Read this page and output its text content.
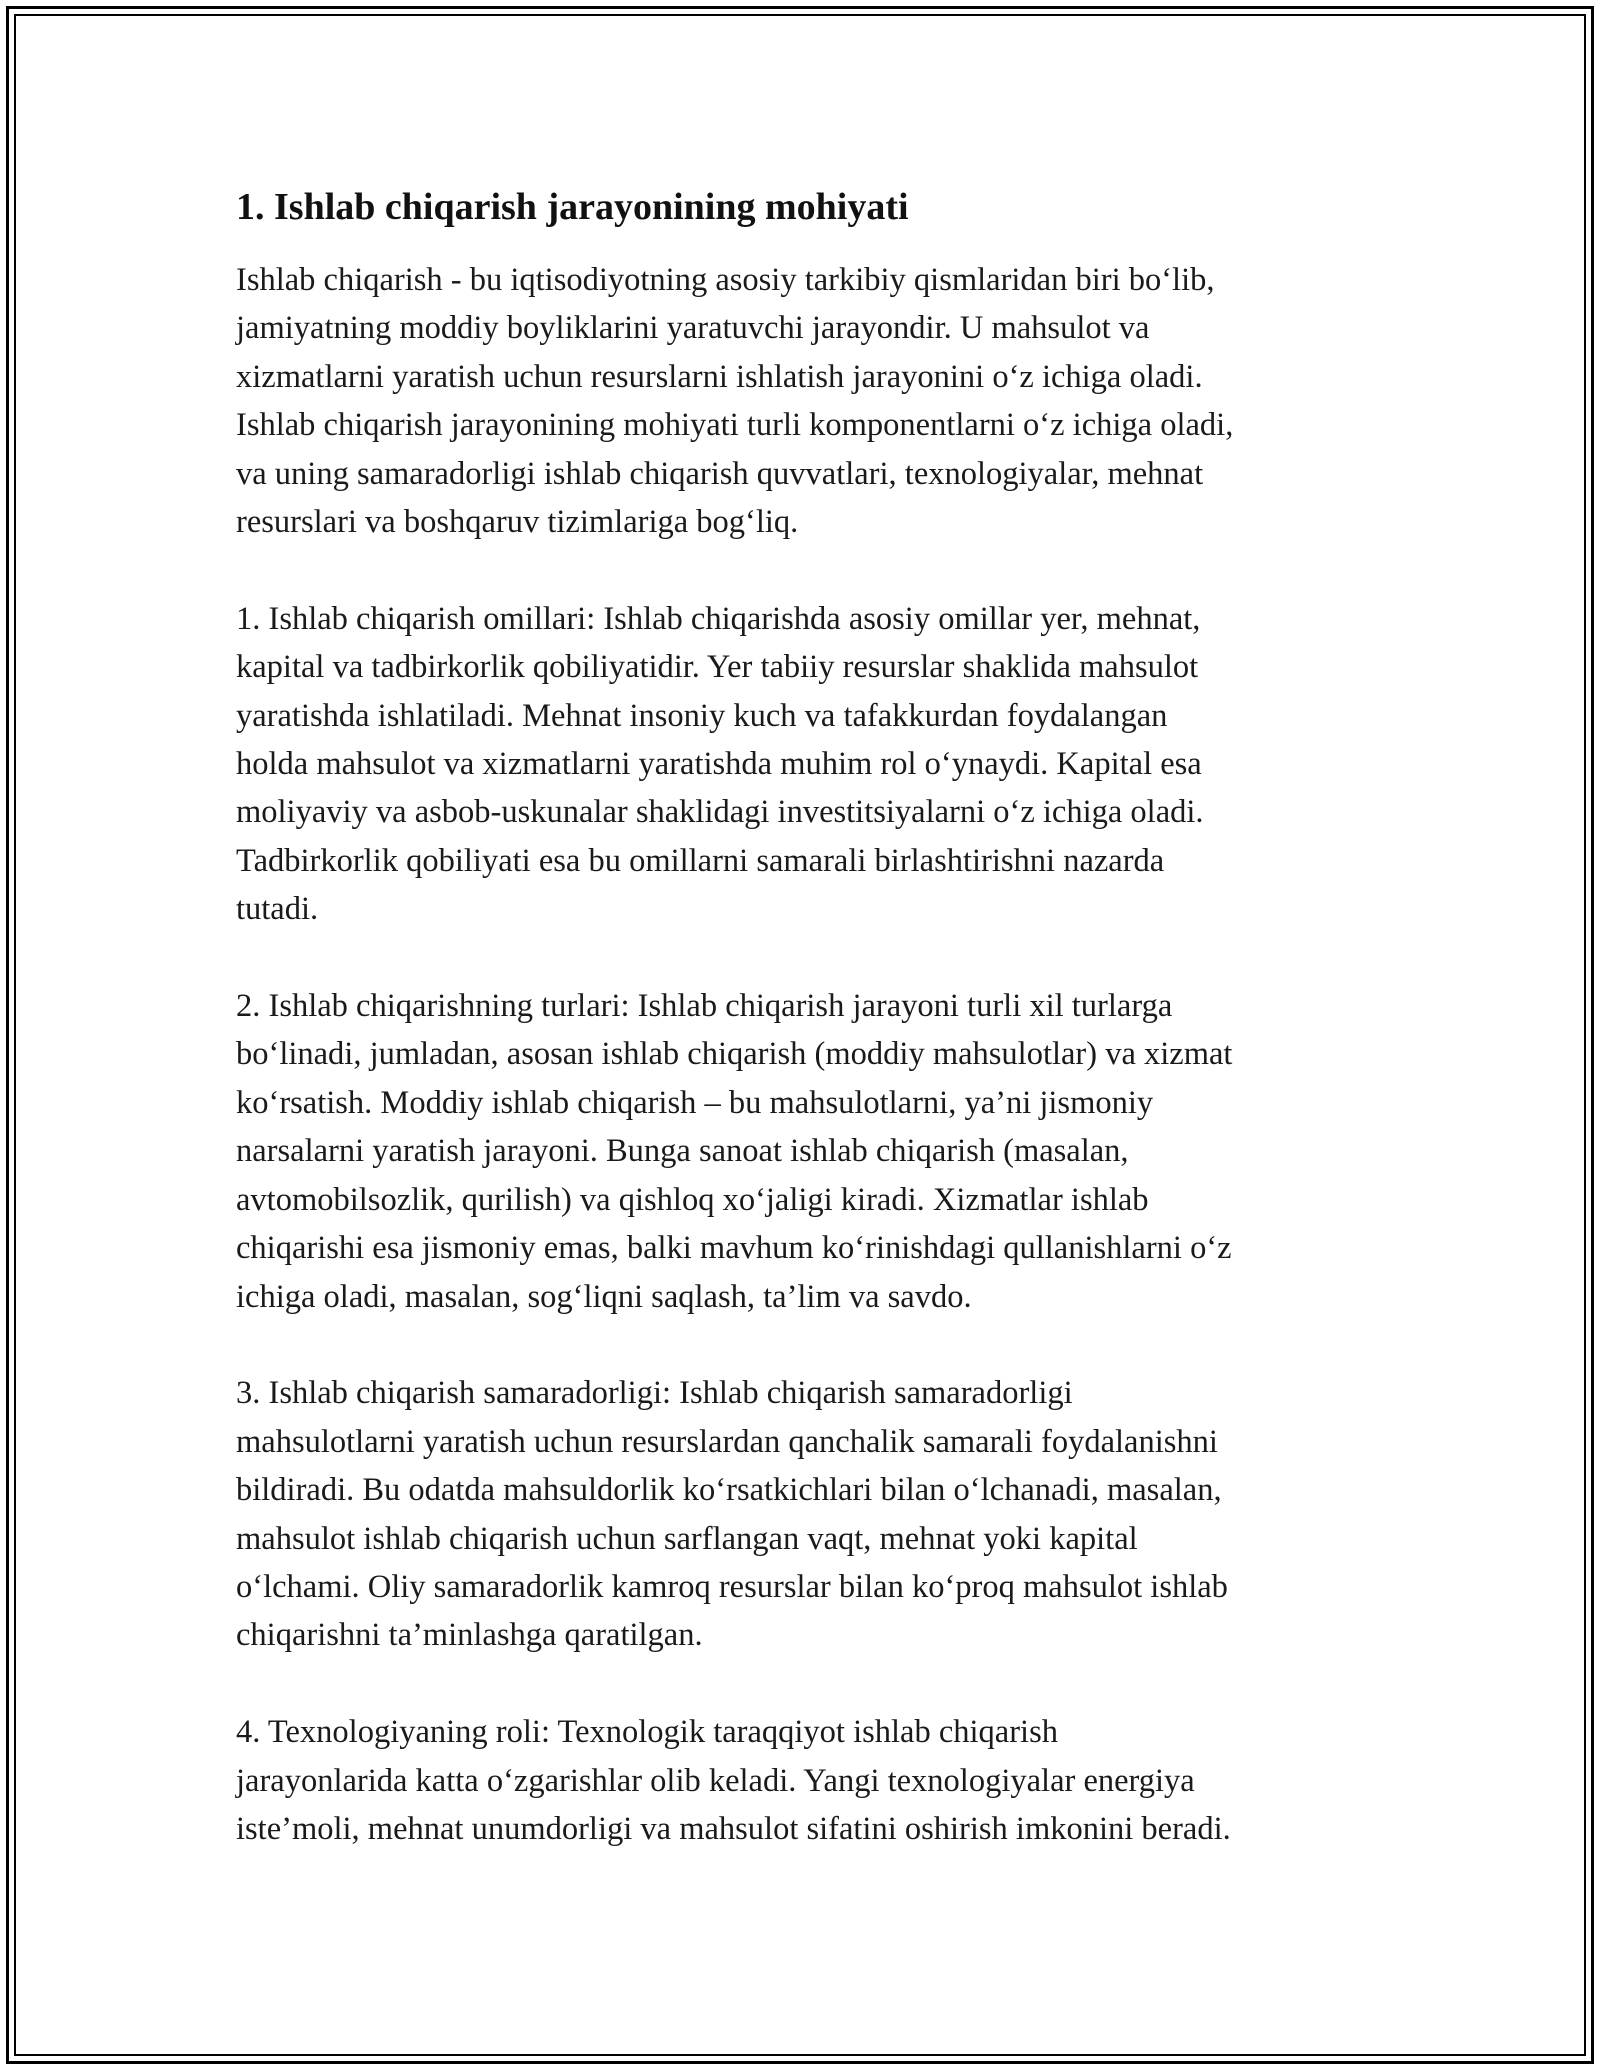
1. Ishlab chiqarish jarayonining mohiyati

Ishlab chiqarish - bu iqtisodiyotning asosiy tarkibiy qismlaridan biri bo‘lib,
jamiyatning moddiy boyliklarini yaratuvchi jarayondir. U mahsulot va
xizmatlarni yaratish uchun resurslarni ishlatish jarayonini o‘z ichiga oladi.
Ishlab chiqarish jarayonining mohiyati turli komponentlarni o‘z ichiga oladi,
va uning samaradorligi ishlab chiqarish quvvatlari, texnologiyalar, mehnat
resurslari va boshqaruv tizimlariga bog‘liq.

1. Ishlab chiqarish omillari: Ishlab chiqarishda asosiy omillar yer, mehnat,
kapital va tadbirkorlik qobiliyatidir. Yer tabiiy resurslar shaklida mahsulot
yaratishda ishlatiladi. Mehnat insoniy kuch va tafakkurdan foydalangan
holda mahsulot va xizmatlarni yaratishda muhim rol o‘ynaydi. Kapital esa
moliyaviy va asbob-uskunalar shaklidagi investitsiyalarni o‘z ichiga oladi.
Tadbirkorlik qobiliyati esa bu omillarni samarali birlashtirishni nazarda
tutadi.

2. Ishlab chiqarishning turlari: Ishlab chiqarish jarayoni turli xil turlarga
bo‘linadi, jumladan, asosan ishlab chiqarish (moddiy mahsulotlar) va xizmat
ko‘rsatish. Moddiy ishlab chiqarish – bu mahsulotlarni, ya’ni jismoniy
narsalarni yaratish jarayoni. Bunga sanoat ishlab chiqarish (masalan,
avtomobilsozlik, qurilish) va qishloq xo‘jaligi kiradi. Xizmatlar ishlab
chiqarishi esa jismoniy emas, balki mavhum ko‘rinishdagi qullanishlarni o‘z
ichiga oladi, masalan, sog‘liqni saqlash, ta’lim va savdo.

3. Ishlab chiqarish samaradorligi: Ishlab chiqarish samaradorligi
mahsulotlarni yaratish uchun resurslardan qanchalik samarali foydalanishni
bildiradi. Bu odatda mahsuldorlik ko‘rsatkichlari bilan o‘lchanadi, masalan,
mahsulot ishlab chiqarish uchun sarflangan vaqt, mehnat yoki kapital
o‘lchami. Oliy samaradorlik kamroq resurslar bilan ko‘proq mahsulot ishlab
chiqarishni ta’minlashga qaratilgan.

4. Texnologiyaning roli: Texnologik taraqqiyot ishlab chiqarish
jarayonlarida katta o‘zgarishlar olib keladi. Yangi texnologiyalar energiya
iste’moli, mehnat unumdorligi va mahsulot sifatini oshirish imkonini beradi.
